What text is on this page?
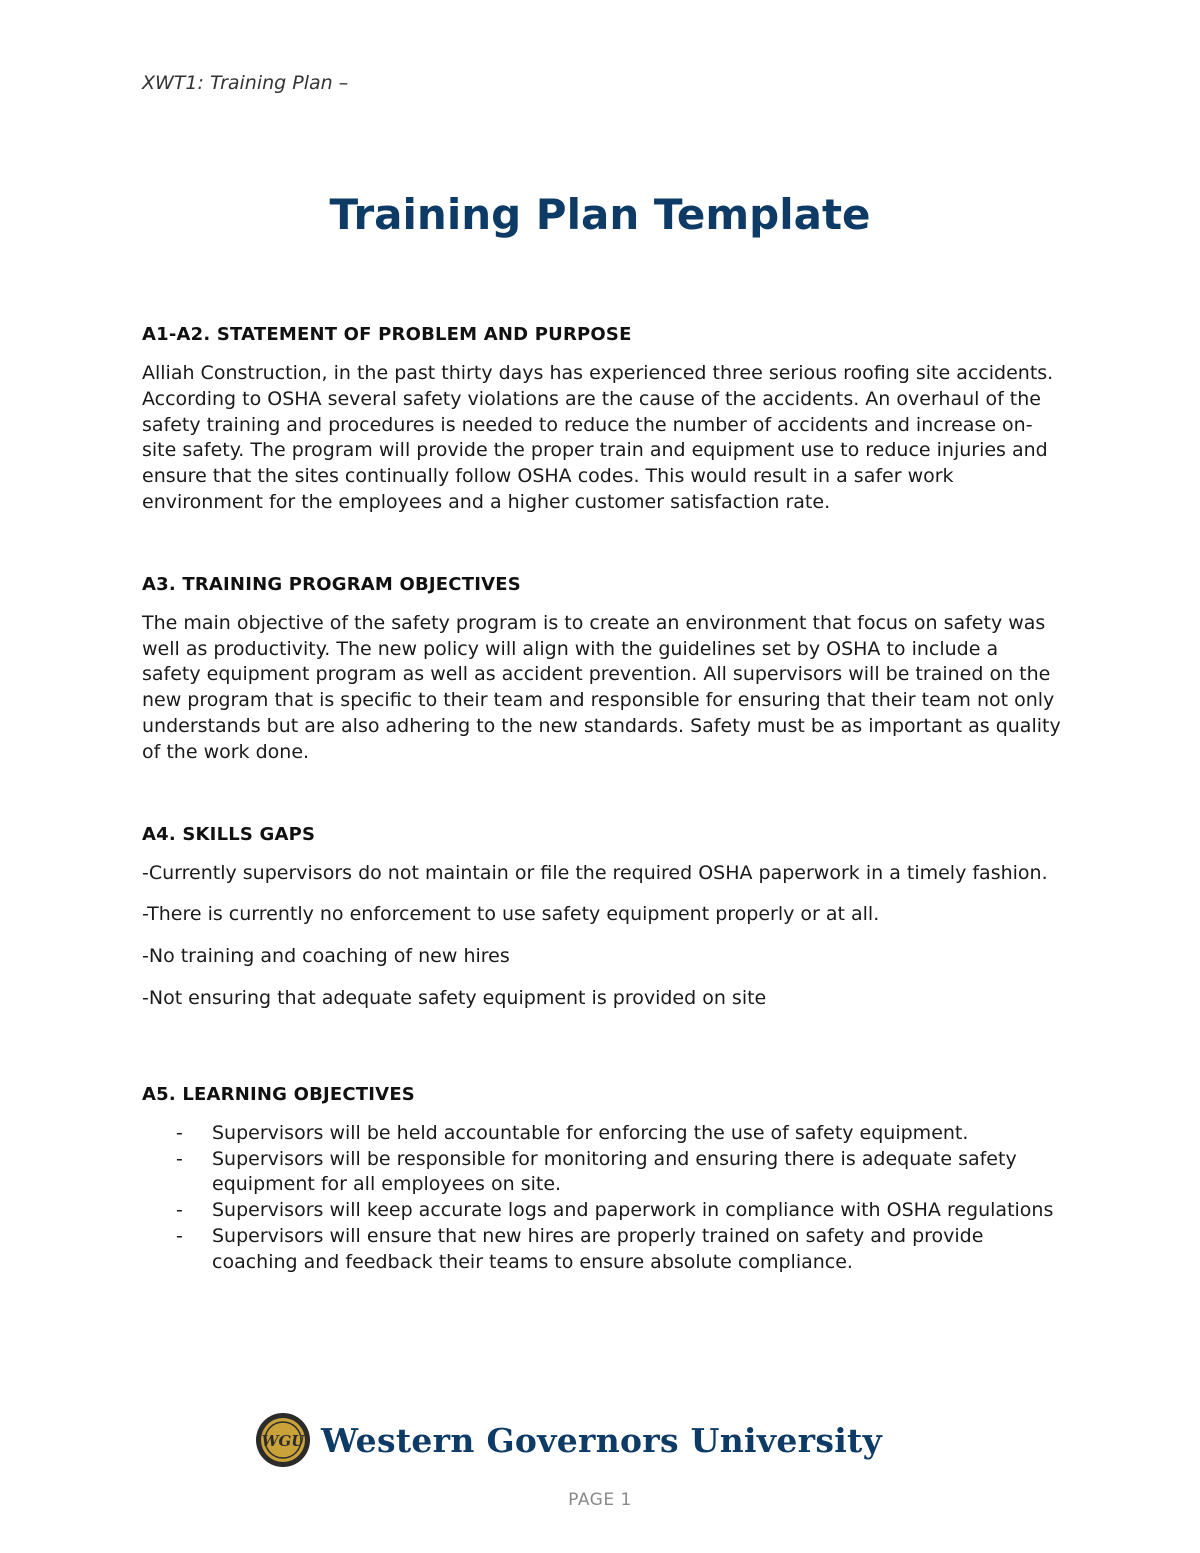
XWT1: Training Plan –
Training Plan Template
A1-A2. STATEMENT OF PROBLEM AND PURPOSE

Alliah Construction, in the past thirty days has experienced three serious roofing site accidents. According to OSHA several safety violations are the cause of the accidents. An overhaul of the safety training and procedures is needed to reduce the number of accidents and increase on-site safety. The program will provide the proper train and equipment use to reduce injuries and ensure that the sites continually follow OSHA codes. This would result in a safer work environment for the employees and a higher customer satisfaction rate.

A3. TRAINING PROGRAM OBJECTIVES

The main objective of the safety program is to create an environment that focus on safety was well as productivity. The new policy will align with the guidelines set by OSHA to include a safety equipment program as well as accident prevention. All supervisors will be trained on the new program that is specific to their team and responsible for ensuring that their team not only understands but are also adhering to the new standards. Safety must be as important as quality of the work done.

A4. SKILLS GAPS

-Currently supervisors do not maintain or file the required OSHA paperwork in a timely fashion.

-There is currently no enforcement to use safety equipment properly or at all.

-No training and coaching of new hires

-Not ensuring that adequate safety equipment is provided on site

A5. LEARNING OBJECTIVES
- Supervisors will be held accountable for enforcing the use of safety equipment.
- Supervisors will be responsible for monitoring and ensuring there is adequate safety equipment for all employees on site.
- Supervisors will keep accurate logs and paperwork in compliance with OSHA regulations
- Supervisors will ensure that new hires are properly trained on safety and provide coaching and feedback their teams to ensure absolute compliance.
WGU Western Governors University
PAGE 1
